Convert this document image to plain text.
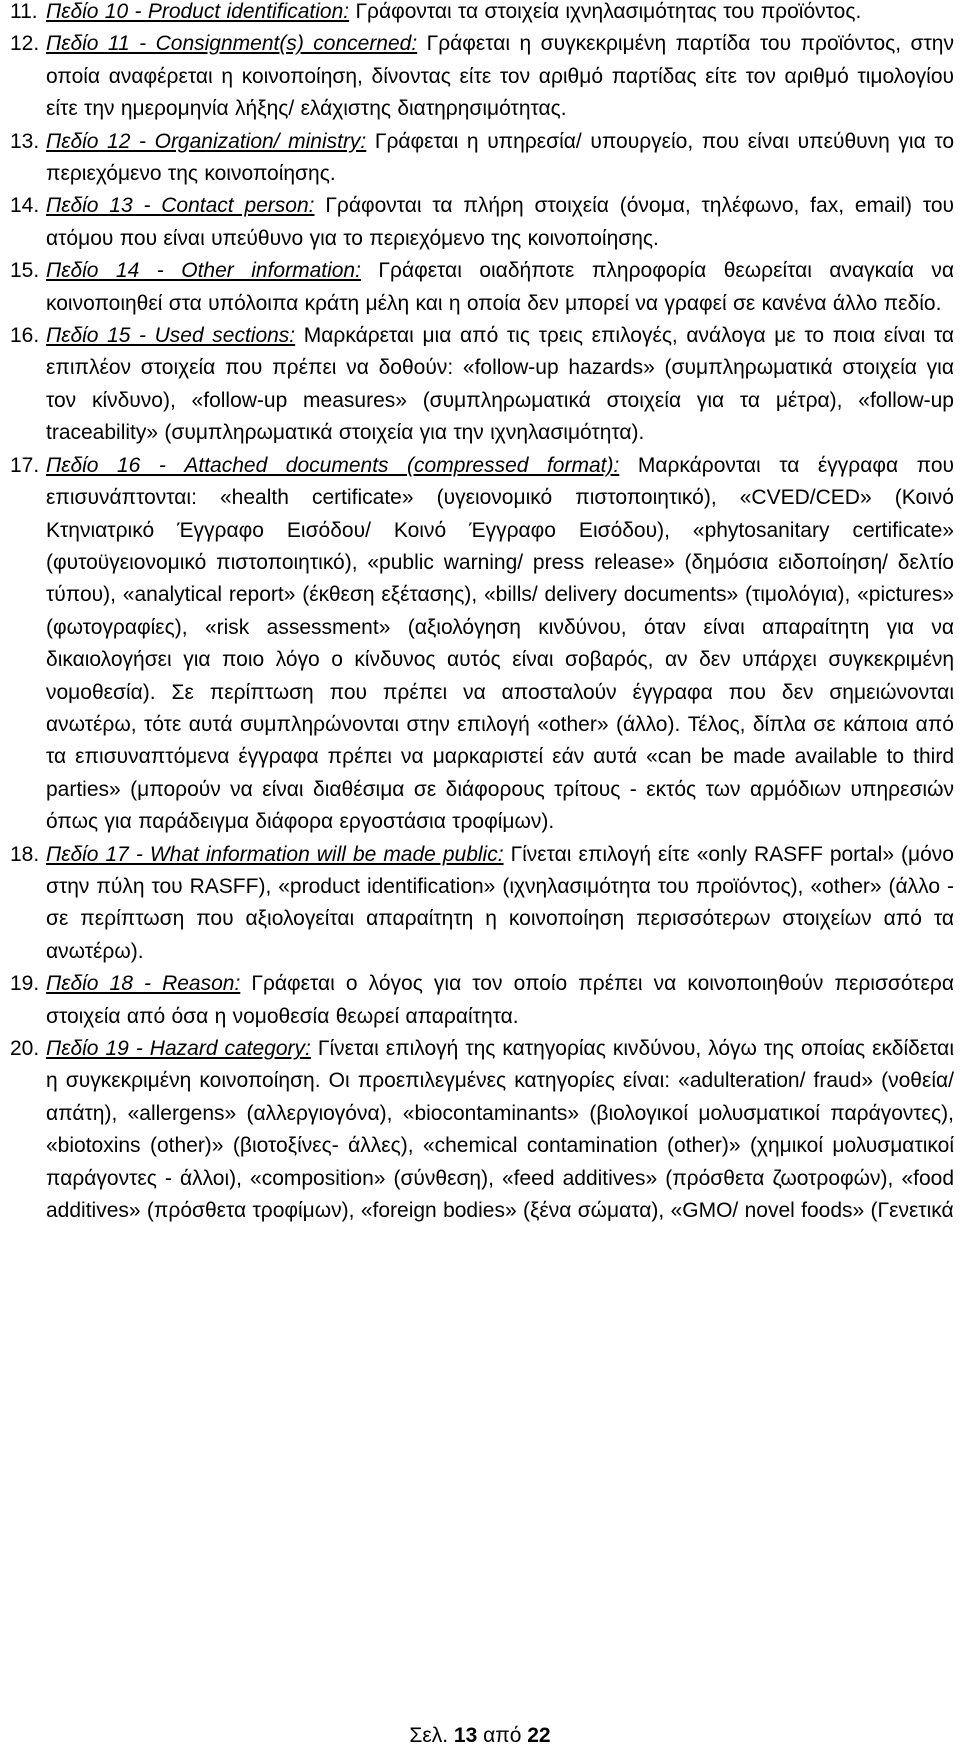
11. Πεδίο 10 - Product identification: Γράφονται τα στοιχεία ιχνηλασιμότητας του προϊόντος.
12. Πεδίο 11 - Consignment(s) concerned: Γράφεται η συγκεκριμένη παρτίδα του προϊόντος, στην οποία αναφέρεται η κοινοποίηση, δίνοντας είτε τον αριθμό παρτίδας είτε τον αριθμό τιμολογίου είτε την ημερομηνία λήξης/ ελάχιστης διατηρησιμότητας.
13. Πεδίο 12 - Organization/ ministry: Γράφεται η υπηρεσία/ υπουργείο, που είναι υπεύθυνη για το περιεχόμενο της κοινοποίησης.
14. Πεδίο 13 - Contact person: Γράφονται τα πλήρη στοιχεία (όνομα, τηλέφωνο, fax, email) του ατόμου που είναι υπεύθυνο για το περιεχόμενο της κοινοποίησης.
15. Πεδίο 14 - Other information: Γράφεται οιαδήποτε πληροφορία θεωρείται αναγκαία να κοινοποιηθεί στα υπόλοιπα κράτη μέλη και η οποία δεν μπορεί να γραφεί σε κανένα άλλο πεδίο.
16. Πεδίο 15 - Used sections: Μαρκάρεται μια από τις τρεις επιλογές, ανάλογα με το ποια είναι τα επιπλέον στοιχεία που πρέπει να δοθούν: «follow-up hazards» (συμπληρωματικά στοιχεία για τον κίνδυνο), «follow-up measures» (συμπληρωματικά στοιχεία για τα μέτρα), «follow-up traceability» (συμπληρωματικά στοιχεία για την ιχνηλασιμότητα).
17. Πεδίο 16 - Attached documents (compressed format): Μαρκάρονται τα έγγραφα που επισυνάπτονται: «health certificate» (υγειονομικό πιστοποιητικό), «CVED/CED» (Κοινό Κτηνιατρικό Έγγραφο Εισόδου/ Κοινό Έγγραφο Εισόδου), «phytosanitary certificate» (φυτοϋγειονομικό πιστοποιητικό), «public warning/ press release» (δημόσια ειδοποίηση/ δελτίο τύπου), «analytical report» (έκθεση εξέτασης), «bills/ delivery documents» (τιμολόγια), «pictures» (φωτογραφίες), «risk assessment» (αξιολόγηση κινδύνου, όταν είναι απαραίτητη για να δικαιολογήσει για ποιο λόγο ο κίνδυνος αυτός είναι σοβαρός, αν δεν υπάρχει συγκεκριμένη νομοθεσία). Σε περίπτωση που πρέπει να αποσταλούν έγγραφα που δεν σημειώνονται ανωτέρω, τότε αυτά συμπληρώνονται στην επιλογή «other» (άλλο). Τέλος, δίπλα σε κάποια από τα επισυναπτόμενα έγγραφα πρέπει να μαρκαριστεί εάν αυτά «can be made available to third parties» (μπορούν να είναι διαθέσιμα σε διάφορους τρίτους - εκτός των αρμόδιων υπηρεσιών όπως για παράδειγμα διάφορα εργοστάσια τροφίμων).
18. Πεδίο 17 - What information will be made public: Γίνεται επιλογή είτε «only RASFF portal» (μόνο στην πύλη του RASFF), «product identification» (ιχνηλασιμότητα του προϊόντος), «other» (άλλο - σε περίπτωση που αξιολογείται απαραίτητη η κοινοποίηση περισσότερων στοιχείων από τα ανωτέρω).
19. Πεδίο 18 - Reason: Γράφεται ο λόγος για τον οποίο πρέπει να κοινοποιηθούν περισσότερα στοιχεία από όσα η νομοθεσία θεωρεί απαραίτητα.
20. Πεδίο 19 - Hazard category: Γίνεται επιλογή της κατηγορίας κινδύνου, λόγω της οποίας εκδίδεται η συγκεκριμένη κοινοποίηση. Οι προεπιλεγμένες κατηγορίες είναι: «adulteration/ fraud» (νοθεία/ απάτη), «allergens» (αλλεργιογόνα), «biocontaminants» (βιολογικοί μολυσματικοί παράγοντες), «biotoxins (other)» (βιοτοξίνες- άλλες), «chemical contamination (other)» (χημικοί μολυσματικοί παράγοντες - άλλοι), «composition» (σύνθεση), «feed additives» (πρόσθετα ζωοτροφών), «food additives» (πρόσθετα τροφίμων), «foreign bodies» (ξένα σώματα), «GMO/ novel foods» (Γενετικά
Σελ. 13 από 22
